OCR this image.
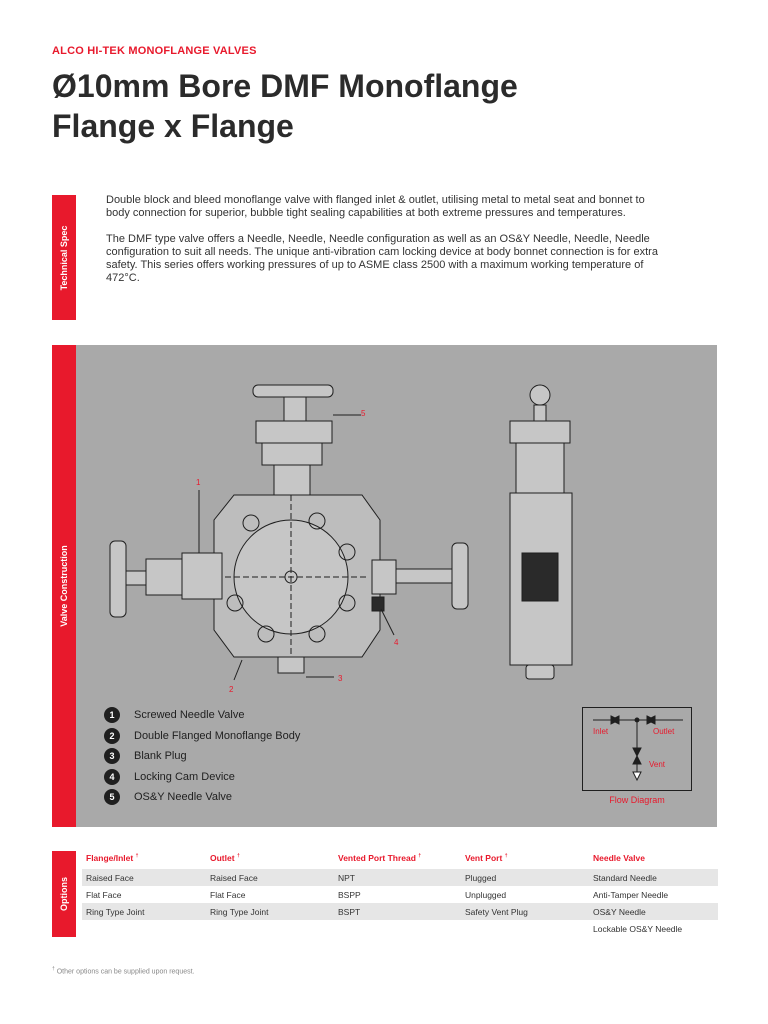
ALCO HI-TEK MONOFLANGE VALVES
Ø10mm Bore DMF Monoflange
Flange x Flange
Technical Spec

Double block and bleed monoflange valve with flanged inlet & outlet, utilising metal to metal seat and bonnet to body connection for superior, bubble tight sealing capabilities at both extreme pressures and temperatures.

The DMF type valve offers a Needle, Needle, Needle configuration as well as an OS&Y Needle, Needle, Needle configuration to suit all needs. The unique anti-vibration cam locking device at body bonnet connection is for extra safety. This series offers working pressures of up to ASME class 2500 with a maximum working temperature of 472°C.

Valve Construction
1
2
3
4
5
1	Screwed Needle Valve
2	Double Flanged Monoflange Body
3	Blank Plug
4	Locking Cam Device
5	OS&Y Needle Valve
Inlet	Outlet
Vent
Flow Diagram
Options
Flange/Inlet †	Outlet †	Vented Port Thread †	Vent Port †	Needle Valve
Raised Face	Raised Face	NPT	Plugged	Standard Needle
Flat Face	Flat Face	BSPP	Unplugged	Anti-Tamper Needle
Ring Type Joint	Ring Type Joint	BSPT	Safety Vent Plug	OS&Y Needle
				Lockable OS&Y Needle
† Other options can be supplied upon request.
